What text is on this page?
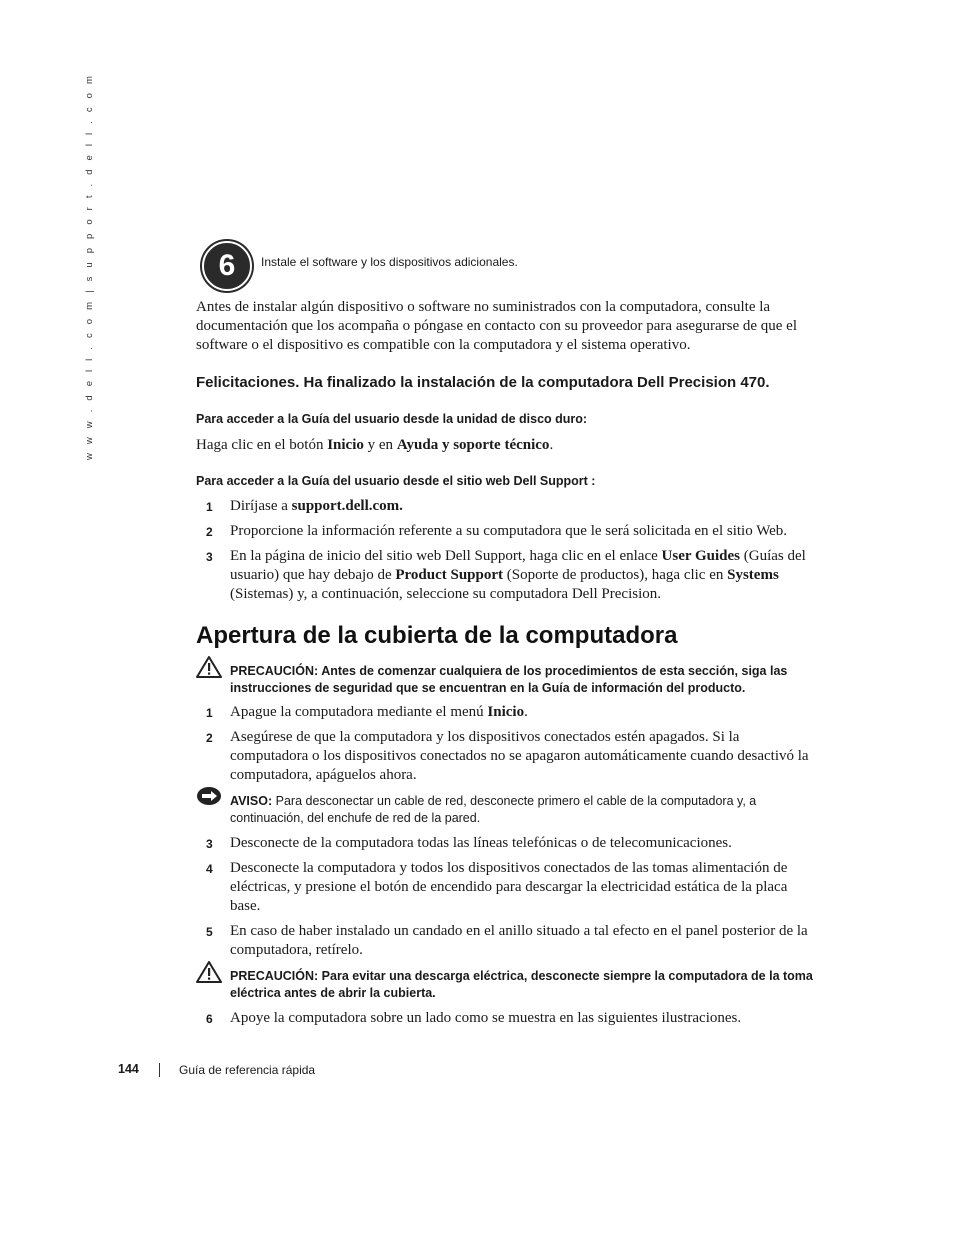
w w w . d e l l . c o m | s u p p o r t . d e l l . c o m	6	Instale el software y los dispositivos adicionales.

Antes de instalar algún dispositivo o software no suministrados con la computadora, consulte la documentación que los acompaña o póngase en contacto con su proveedor para asegurarse de que el software o el dispositivo es compatible con la computadora y el sistema operativo.

Felicitaciones. Ha finalizado la instalación de la computadora Dell Precision 470.
Para acceder a la Guía del usuario desde la unidad de disco duro:
Haga clic en el botón Inicio y en Ayuda y soporte técnico.
Para acceder a la Guía del usuario desde el sitio web Dell Support :
1 Diríjase a support.dell.com.
2 Proporcione la información referente a su computadora que le será solicitada en el sitio Web.
3 En la página de inicio del sitio web Dell Support, haga clic en el enlace User Guides (Guías del usuario) que hay debajo de Product Support (Soporte de productos), haga clic en Systems (Sistemas) y, a continuación, seleccione su computadora Dell Precision.
Apertura de la cubierta de la computadora
PRECAUCIÓN: Antes de comenzar cualquiera de los procedimientos de esta sección, siga las instrucciones de seguridad que se encuentran en la Guía de información del producto.
1 Apague la computadora mediante el menú Inicio.
2 Asegúrese de que la computadora y los dispositivos conectados estén apagados. Si la computadora o los dispositivos conectados no se apagaron automáticamente cuando desactivó la computadora, apáguelos ahora.
AVISO: Para desconectar un cable de red, desconecte primero el cable de la computadora y, a continuación, del enchufe de red de la pared.
3 Desconecte de la computadora todas las líneas telefónicas o de telecomunicaciones.
4 Desconecte la computadora y todos los dispositivos conectados de las tomas alimentación de eléctricas, y presione el botón de encendido para descargar la electricidad estática de la placa base.
5 En caso de haber instalado un candado en el anillo situado a tal efecto en el panel posterior de la computadora, retírelo.
PRECAUCIÓN: Para evitar una descarga eléctrica, desconecte siempre la computadora de la toma eléctrica antes de abrir la cubierta.
6 Apoye la computadora sobre un lado como se muestra en las siguientes ilustraciones.
144	Guía de referencia rápida
